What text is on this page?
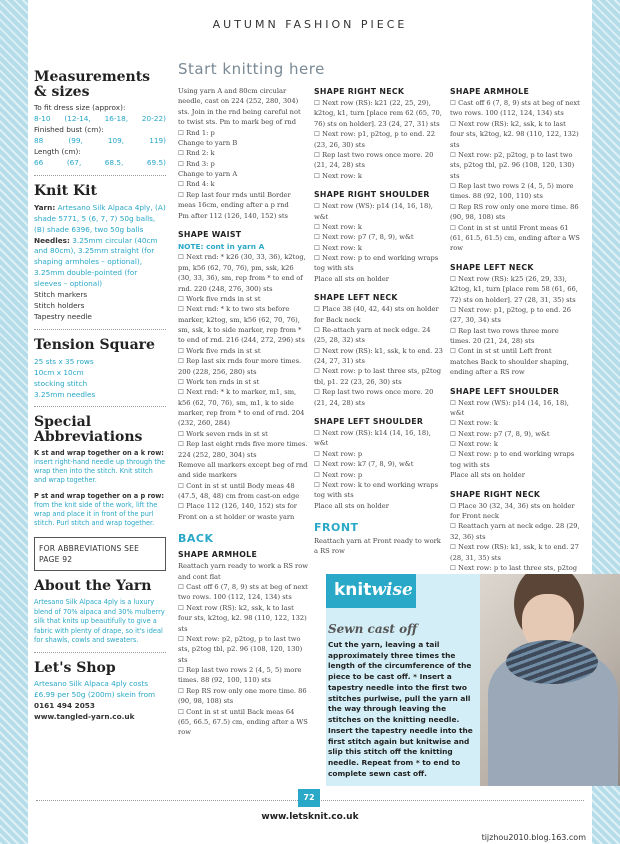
AUTUMN FASHION PIECE
Measurements & sizes
To fit dress size (approx):
8-10 (12-14, 16-18, 20-22)
Finished bust (cm):
88	(99,	109,	119)
Length (cm):
66	(67,	68.5,	69.5)
Knit Kit
Yarn: Artesano Silk Alpaca 4ply, (A) shade 5771, 5 (6, 7, 7) 50g balls, (B) shade 6396, two 50g balls
Needles: 3.25mm circular (40cm and 80cm), 3.25mm straight (for shaping armholes – optional), 3.25mm double-pointed (for sleeves – optional)
Stitch markers
Stitch holders
Tapestry needle
Tension Square
25 sts x 35 rows
10cm x 10cm
stocking stitch
3.25mm needles
Special Abbreviations
K st and wrap together on a k row: insert right-hand needle up through the wrap then into the stitch. Knit stitch and wrap together.
P st and wrap together on a p row: from the knit side of the work, lift the wrap and place it in front of the purl stitch. Purl stitch and wrap together.
FOR ABBREVIATIONS SEE PAGE 92
About the Yarn
Artesano Silk Alpaca 4ply is a luxury blend of 70% alpaca and 30% mulberry silk that knits up beautifully to give a fabric with plenty of drape, so it's ideal for shawls, cowls and sweaters.
Let's Shop
Artesano Silk Alpaca 4ply costs £6.99 per 50g (200m) skein from 0161 494 2053
www.tangled-yarn.co.uk
Start knitting here

Using yarn A and 80cm circular needle, cast on 224 (252, 280, 304) sts. Join in the rnd being careful not to twist sts. Pm to mark beg of rnd

☐ Rnd 1: p

Change to yarn B

☐ Rnd 2: k

☐ Rnd 3: p

Change to yarn A

☐ Rnd 4: k

☐ Rep last four rnds until Border meas 16cm, ending after a p rnd

Pm after 112 (126, 140, 152) sts

SHAPE WAIST
NOTE: cont in yarn A

☐ Next rnd: * k26 (30, 33, 36), k2tog, pm, k56 (62, 70, 76), pm, ssk, k26 (30, 33, 36), sm, rep from * to end of rnd. 220 (248, 276, 300) sts

☐ Work five rnds in st st

☐ Next rnd: * k to two sts before marker, k2tog, sm, k56 (62, 70, 76), sm, ssk, k to side marker, rep from * to end of rnd. 216 (244, 272, 296) sts

☐ Work five rnds in st st

☐ Rep last six rnds four more times. 200 (228, 256, 280) sts

☐ Work ten rnds in st st

☐ Next rnd: * k to marker, m1, sm, k56 (62, 70, 76), sm, m1, k to side marker, rep from * to end of rnd. 204 (232, 260, 284)

☐ Work seven rnds in st st

☐ Rep last eight rnds five more times. 224 (252, 280, 304) sts

Remove all markers except beg of rnd and side markers

☐ Cont in st st until Body meas 48 (47.5, 48, 48) cm from cast-on edge

☐ Place 112 (126, 140, 152) sts for Front on a st holder or waste yarn

BACK
SHAPE ARMHOLE

Reattach yarn ready to work a RS row and cont flat

☐ Cast off 6 (7, 8, 9) sts at beg of next two rows. 100 (112, 124, 134) sts

☐ Next row (RS): k2, ssk, k to last four sts, k2tog, k2. 98 (110, 122, 132) sts

☐ Next row: p2, p2tog, p to last two sts, p2tog tbl, p2. 96 (108, 120, 130) sts

☐ Rep last two rows 2 (4, 5, 5) more times. 88 (92, 100, 110) sts

☐ Rep RS row only one more time. 86 (90, 98, 108) sts

☐ Cont in st st until Back meas 64 (65, 66.5, 67.5) cm, ending after a WS row

SHAPE RIGHT NECK

☐ Next row (RS): k21 (22, 25, 29), k2tog, k1, turn [place rem 62 (65, 70, 76) sts on holder]. 23 (24, 27, 31) sts

☐ Next row: p1, p2tog, p to end. 22 (23, 26, 30) sts

☐ Rep last two rows once more. 20 (21, 24, 28) sts

☐ Next row: k

SHAPE RIGHT SHOULDER

☐ Next row (WS): p14 (14, 16, 18), w&t

☐ Next row: k

☐ Next row: p7 (7, 8, 9), w&t

☐ Next row: k

☐ Next row: p to end working wraps tog with sts

Place all sts on holder

SHAPE LEFT NECK

☐ Place 38 (40, 42, 44) sts on holder for Back neck

☐ Re-attach yarn at neck edge. 24 (25, 28, 32) sts

☐ Next row (RS): k1, ssk, k to end. 23 (24, 27, 31) sts

☐ Next row: p to last three sts, p2tog tbl, p1. 22 (23, 26, 30) sts

☐ Rep last two rows once more. 20 (21, 24, 28) sts

SHAPE LEFT SHOULDER

☐ Next row (RS): k14 (14, 16, 18), w&t

☐ Next row: p

☐ Next row: k7 (7, 8, 9), w&t

☐ Next row: p

☐ Next row: k to end working wraps tog with sts

Place all sts on holder

FRONT

Reattach yarn at Front ready to work a RS row

SHAPE ARMHOLE

☐ Cast off 6 (7, 8, 9) sts at beg of next two rows. 100 (112, 124, 134) sts

☐ Next row (RS): k2, ssk, k to last four sts, k2tog, k2. 98 (110, 122, 132) sts

☐ Next row: p2, p2tog, p to last two sts, p2tog tbl, p2. 96 (108, 120, 130) sts

☐ Rep last two rows 2 (4, 5, 5) more times. 88 (92, 100, 110) sts

☐ Rep RS row only one more time. 86 (90, 98, 108) sts

☐ Cont in st st until Front meas 61 (61, 61.5, 61.5) cm, ending after a WS row

SHAPE LEFT NECK

☐ Next row (RS): k25 (26, 29, 33), k2tog, k1, turn [place rem 58 (61, 66, 72) sts on holder]. 27 (28, 31, 35) sts

☐ Next row: p1, p2tog, p to end. 26 (27, 30, 34) sts

☐ Rep last two rows three more times. 20 (21, 24, 28) sts

☐ Cont in st st until Left front matches Back to shoulder shaping, ending after a RS row

SHAPE LEFT SHOULDER

☐ Next row (WS): p14 (14, 16, 18), w&t

☐ Next row: k

☐ Next row: p7 (7, 8, 9), w&t

☐ Next row: k

☐ Next row: p to end working wraps tog with sts

Place all sts on holder

SHAPE RIGHT NECK

☐ Place 30 (32, 34, 36) sts on holder for Front neck

☐ Reattach yarn at neck edge. 28 (29, 32, 36) sts

☐ Next row (RS): k1, ssk, k to end. 27 (28, 31, 35) sts

☐ Next row: p to last three sts, p2tog

knitwise
Sewn cast off
Cut the yarn, leaving a tail approximately three times the length of the circumference of the piece to be cast off. * Insert a tapestry needle into the first two stitches purlwise, pull the yarn all the way through leaving the stitches on the knitting needle. Insert the tapestry needle into the first stitch again but knitwise and slip this stitch off the knitting needle. Repeat from * to end to complete sewn cast off.
72
www.letsknit.co.uk
tijzhou2010.blog.163.com
